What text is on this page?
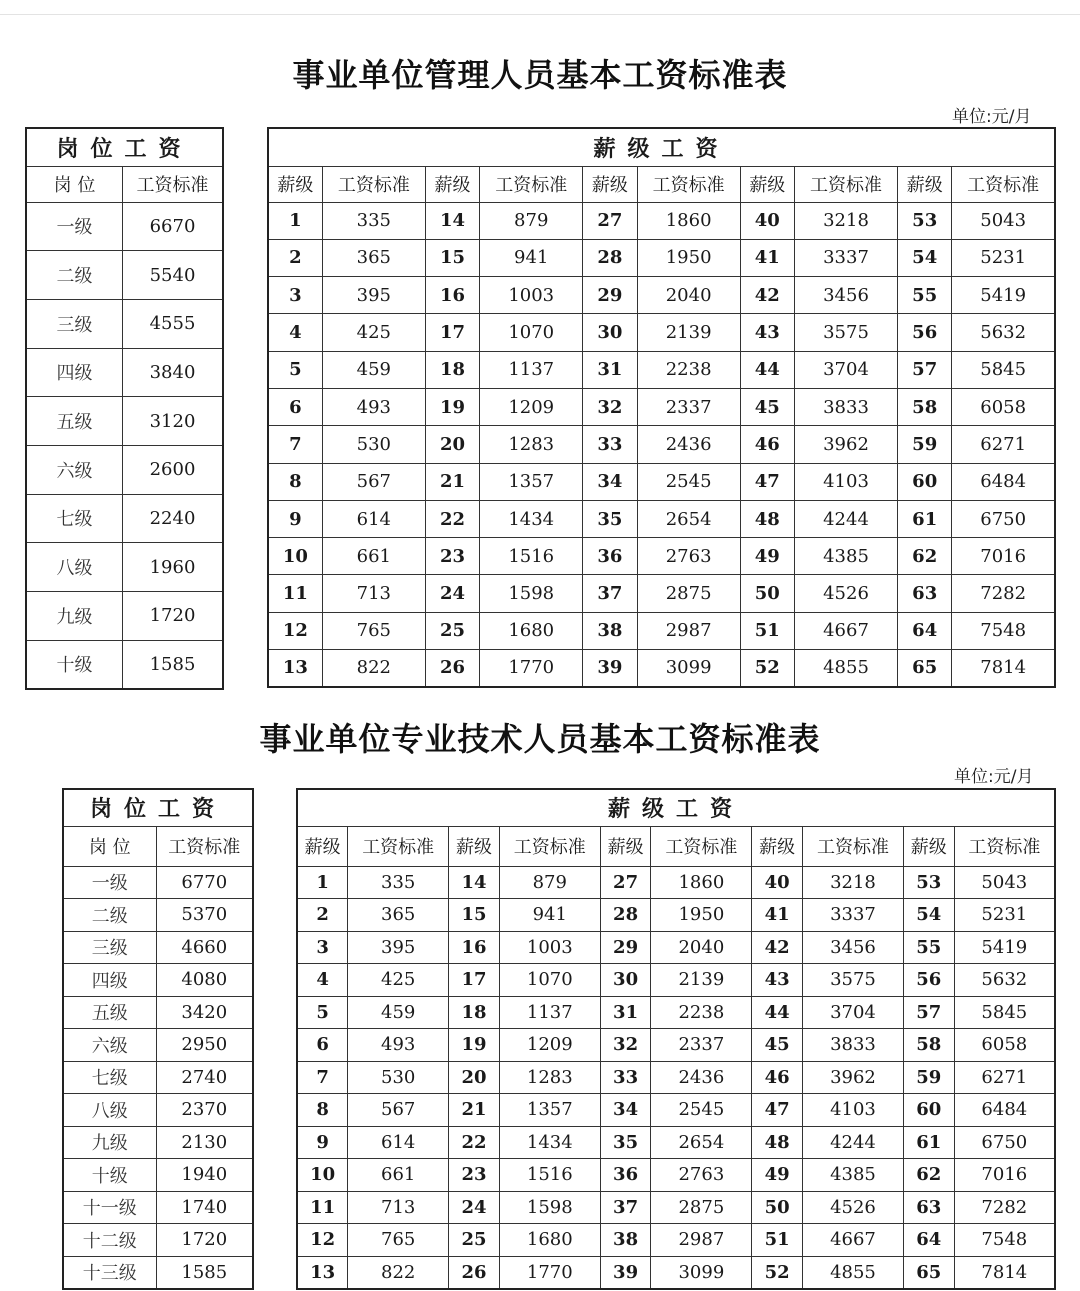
事业单位管理人员基本工资标准表
单位:元/月
岗位工资	
岗 位	工资标准
一级	6670
二级	5540
三级	4555
四级	3840
五级	3120
六级	2600
七级	2240
八级	1960
九级	1720
十级	1585
薪级工资									
薪级	工资标准	薪级	工资标准	薪级	工资标准	薪级	工资标准	薪级	工资标准
1	335	14	879	27	1860	40	3218	53	5043
2	365	15	941	28	1950	41	3337	54	5231
3	395	16	1003	29	2040	42	3456	55	5419
4	425	17	1070	30	2139	43	3575	56	5632
5	459	18	1137	31	2238	44	3704	57	5845
6	493	19	1209	32	2337	45	3833	58	6058
7	530	20	1283	33	2436	46	3962	59	6271
8	567	21	1357	34	2545	47	4103	60	6484
9	614	22	1434	35	2654	48	4244	61	6750
10	661	23	1516	36	2763	49	4385	62	7016
11	713	24	1598	37	2875	50	4526	63	7282
12	765	25	1680	38	2987	51	4667	64	7548
13	822	26	1770	39	3099	52	4855	65	7814
事业单位专业技术人员基本工资标准表
单位:元/月
岗位工资	
岗 位	工资标准
一级	6770
二级	5370
三级	4660
四级	4080
五级	3420
六级	2950
七级	2740
八级	2370
九级	2130
十级	1940
十一级	1740
十二级	1720
十三级	1585
薪级工资									
薪级	工资标准	薪级	工资标准	薪级	工资标准	薪级	工资标准	薪级	工资标准
1	335	14	879	27	1860	40	3218	53	5043
2	365	15	941	28	1950	41	3337	54	5231
3	395	16	1003	29	2040	42	3456	55	5419
4	425	17	1070	30	2139	43	3575	56	5632
5	459	18	1137	31	2238	44	3704	57	5845
6	493	19	1209	32	2337	45	3833	58	6058
7	530	20	1283	33	2436	46	3962	59	6271
8	567	21	1357	34	2545	47	4103	60	6484
9	614	22	1434	35	2654	48	4244	61	6750
10	661	23	1516	36	2763	49	4385	62	7016
11	713	24	1598	37	2875	50	4526	63	7282
12	765	25	1680	38	2987	51	4667	64	7548
13	822	26	1770	39	3099	52	4855	65	7814
